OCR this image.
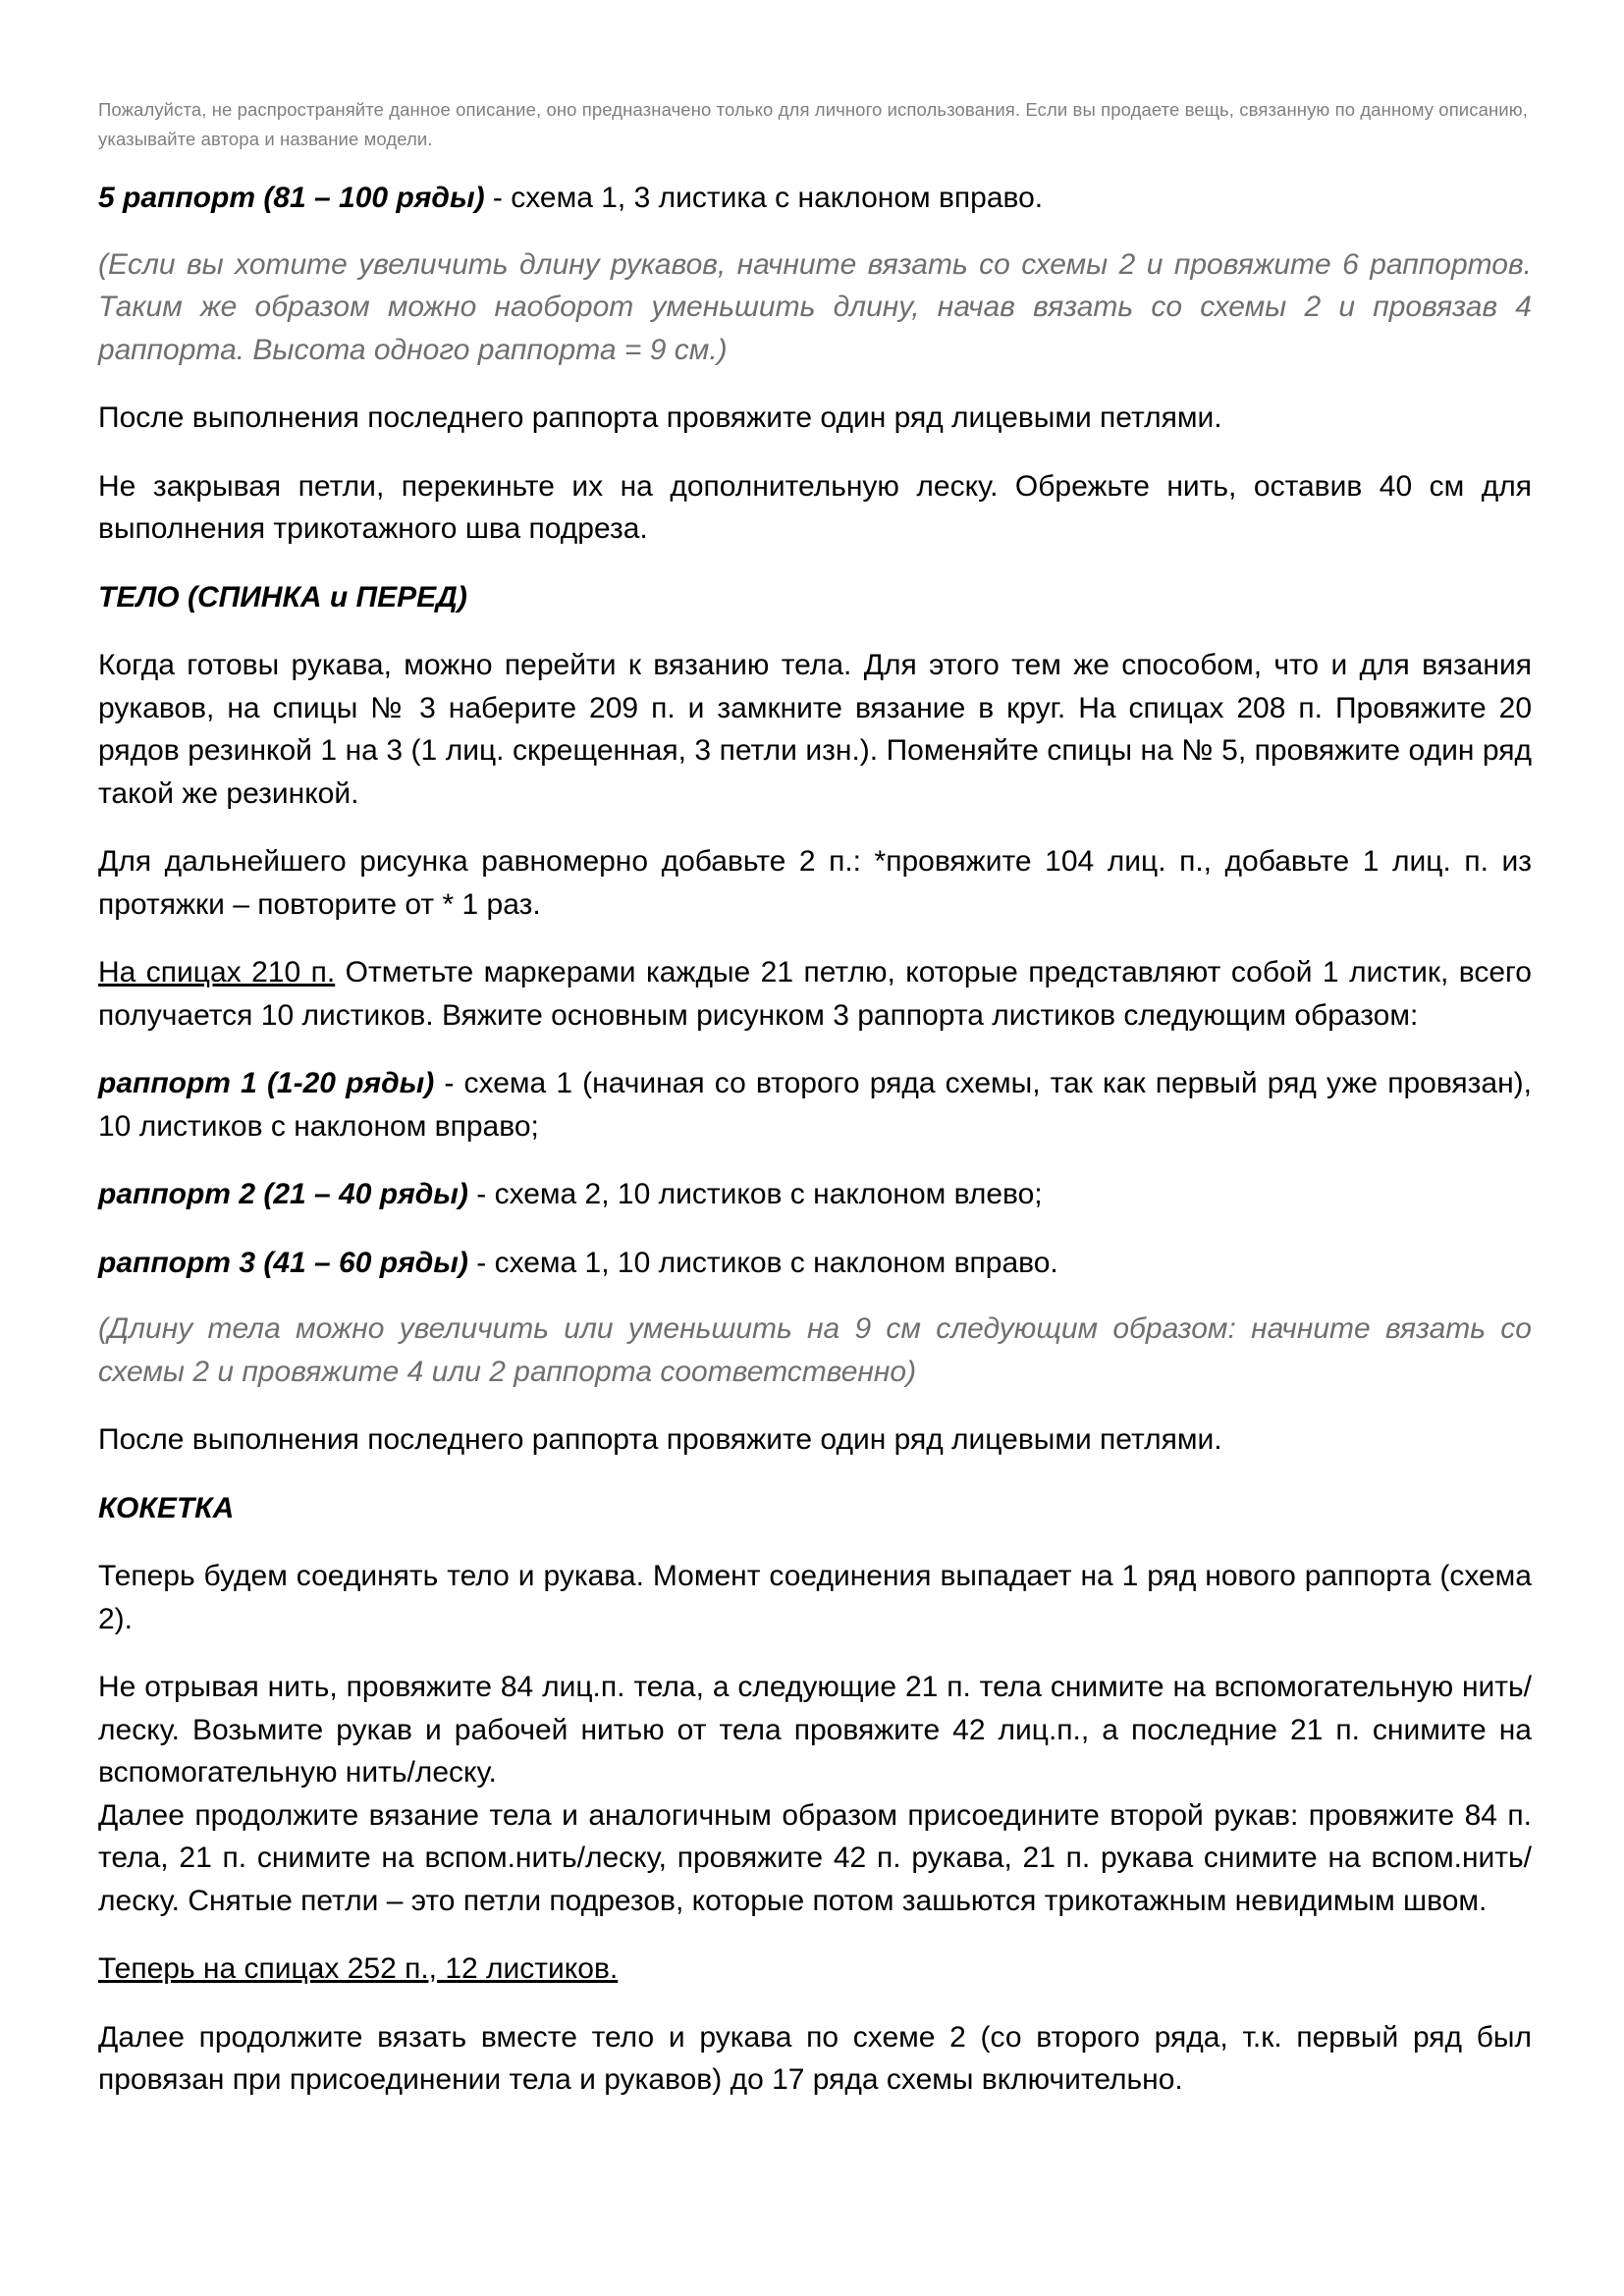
Пожалуйста, не распространяйте данное описание, оно предназначено только для личного использования. Если вы продаете вещь, связанную по данному описанию, указывайте автора и название модели.

5 раппорт (81 – 100 ряды) - схема 1, 3 листика с наклоном вправо.

(Если вы хотите увеличить длину рукавов, начните вязать со схемы 2 и провяжите 6 раппортов. Таким же образом можно наоборот уменьшить длину, начав вязать со схемы 2 и провязав 4 раппорта. Высота одного раппорта = 9 см.)

После выполнения последнего раппорта провяжите один ряд лицевыми петлями.

Не закрывая петли, перекиньте их на дополнительную леску. Обрежьте нить, оставив 40 см для выполнения трикотажного шва подреза.

ТЕЛО (СПИНКА и ПЕРЕД)

Когда готовы рукава, можно перейти к вязанию тела. Для этого тем же способом, что и для вязания рукавов, на спицы № 3 наберите 209 п. и замкните вязание в круг. На спицах 208 п. Провяжите 20 рядов резинкой 1 на 3 (1 лиц. скрещенная, 3 петли изн.). Поменяйте спицы на № 5, провяжите один ряд такой же резинкой.

Для дальнейшего рисунка равномерно добавьте 2 п.: *провяжите 104 лиц. п., добавьте 1 лиц. п. из протяжки – повторите от * 1 раз.

На спицах 210 п. Отметьте маркерами каждые 21 петлю, которые представляют собой 1 листик, всего получается 10 листиков. Вяжите основным рисунком 3 раппорта листиков следующим образом:

раппорт 1 (1-20 ряды) - схема 1 (начиная со второго ряда схемы, так как первый ряд уже провязан), 10 листиков с наклоном вправо;

раппорт 2 (21 – 40 ряды) - схема 2, 10 листиков с наклоном влево;

раппорт 3 (41 – 60 ряды) - схема 1, 10 листиков с наклоном вправо.

(Длину тела можно увеличить или уменьшить на 9 см следующим образом: начните вязать со схемы 2 и провяжите 4 или 2 раппорта соответственно)

После выполнения последнего раппорта провяжите один ряд лицевыми петлями.

КОКЕТКА

Теперь будем соединять тело и рукава. Момент соединения выпадает на 1 ряд нового раппорта (схема 2).

Не отрывая нить, провяжите 84 лиц.п. тела, а следующие 21 п. тела снимите на вспомогательную нить/леску. Возьмите рукав и рабочей нитью от тела провяжите 42 лиц.п., а последние 21 п. снимите на вспомогательную нить/леску.

Далее продолжите вязание тела и аналогичным образом присоедините второй рукав: провяжите 84 п. тела, 21 п. снимите на вспом.нить/леску, провяжите 42 п. рукава, 21 п. рукава снимите на вспом.нить/леску. Снятые петли – это петли подрезов, которые потом зашьются трикотажным невидимым швом.

Теперь на спицах 252 п., 12 листиков.

Далее продолжите вязать вместе тело и рукава по схеме 2 (со второго ряда, т.к. первый ряд был провязан при присоединении тела и рукавов) до 17 ряда схемы включительно.
